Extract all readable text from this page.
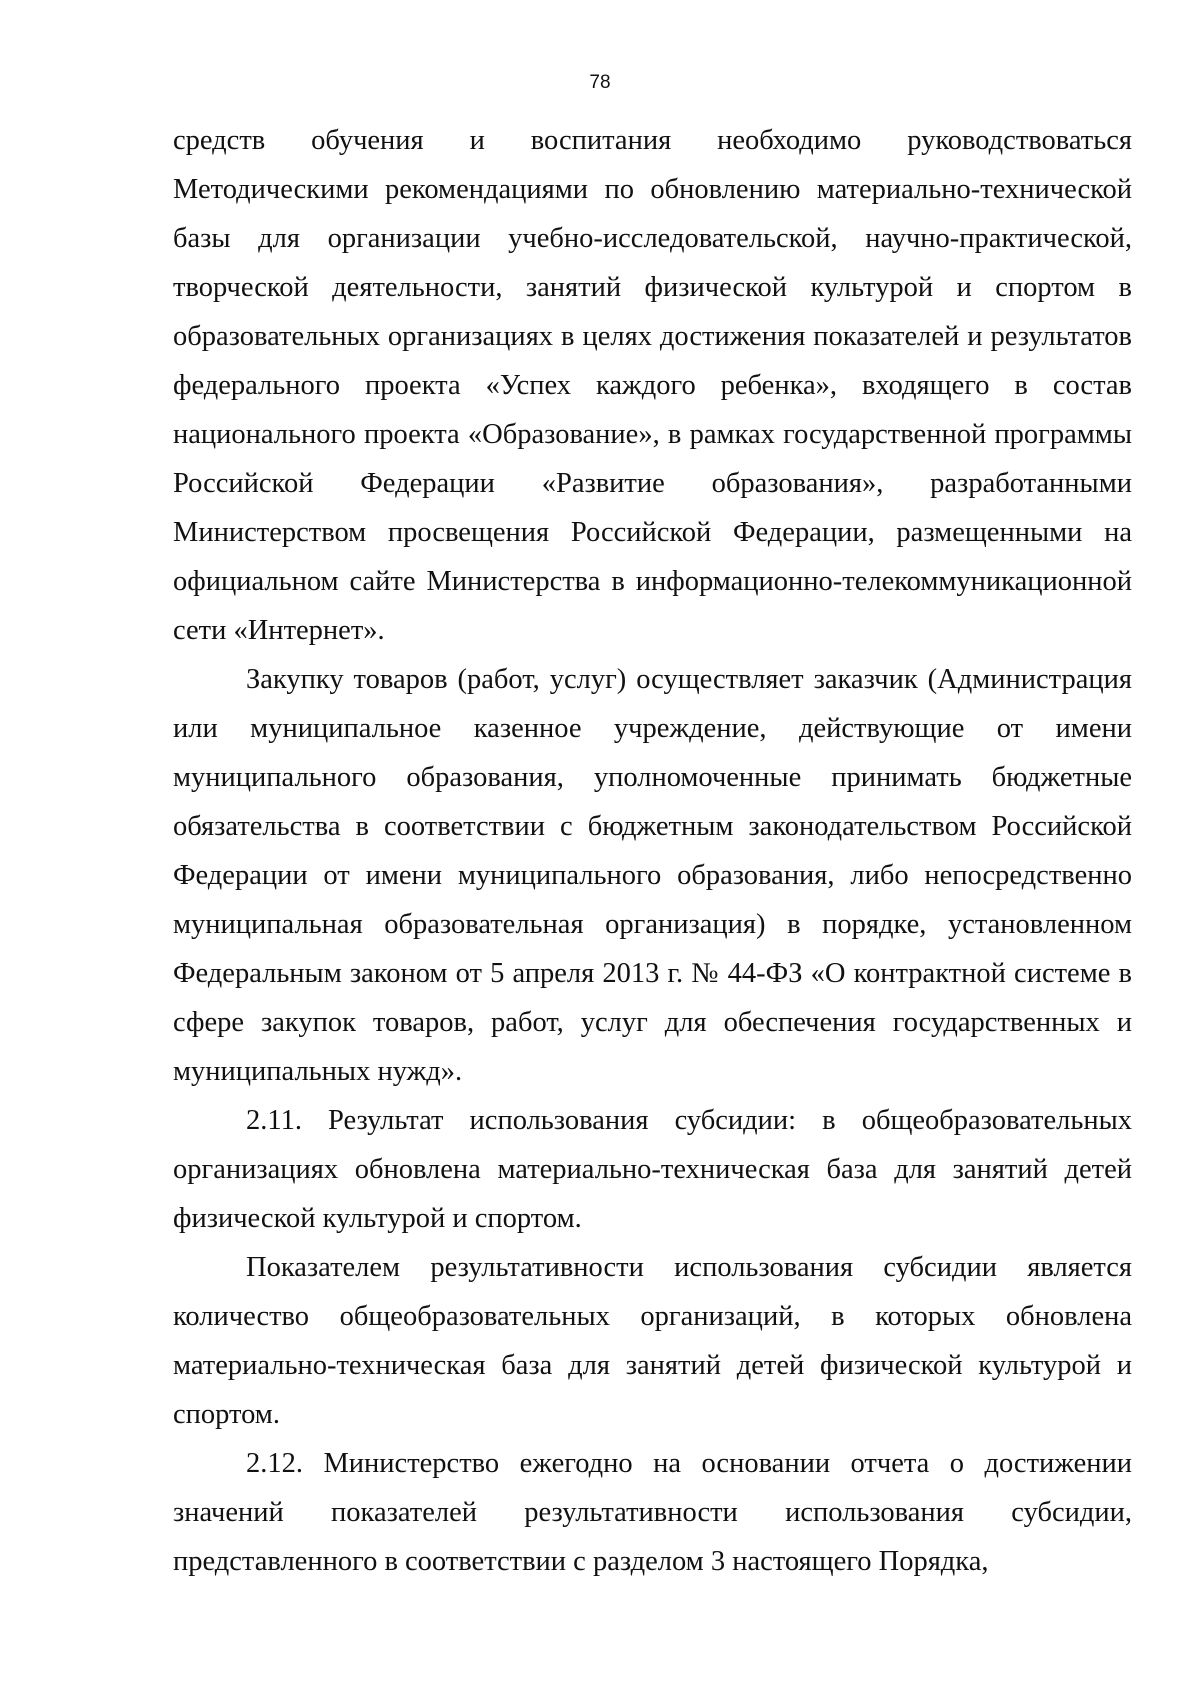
78

средств обучения и воспитания необходимо руководствоваться Методическими рекомендациями по обновлению материально-технической базы для организации учебно-исследовательской, научно-практической, творческой деятельности, занятий физической культурой и спортом в образовательных организациях в целях достижения показателей и результатов федерального проекта «Успех каждого ребенка», входящего в состав национального проекта «Образование», в рамках государственной программы Российской Федерации «Развитие образования», разработанными Министерством просвещения Российской Федерации, размещенными на официальном сайте Министерства в информационно-телекоммуникационной сети «Интернет».

Закупку товаров (работ, услуг) осуществляет заказчик (Администрация или муниципальное казенное учреждение, действующие от имени муниципального образования, уполномоченные принимать бюджетные обязательства в соответствии с бюджетным законодательством Российской Федерации от имени муниципального образования, либо непосредственно муниципальная образовательная организация) в порядке, установленном Федеральным законом от 5 апреля 2013 г. № 44-ФЗ «О контрактной системе в сфере закупок товаров, работ, услуг для обеспечения государственных и муниципальных нужд».

2.11. Результат использования субсидии: в общеобразовательных организациях обновлена материально-техническая база для занятий детей физической культурой и спортом.

Показателем результативности использования субсидии является количество общеобразовательных организаций, в которых обновлена материально-техническая база для занятий детей физической культурой и спортом.

2.12. Министерство ежегодно на основании отчета о достижении значений показателей результативности использования субсидии, представленного в соответствии с разделом 3 настоящего Порядка,
